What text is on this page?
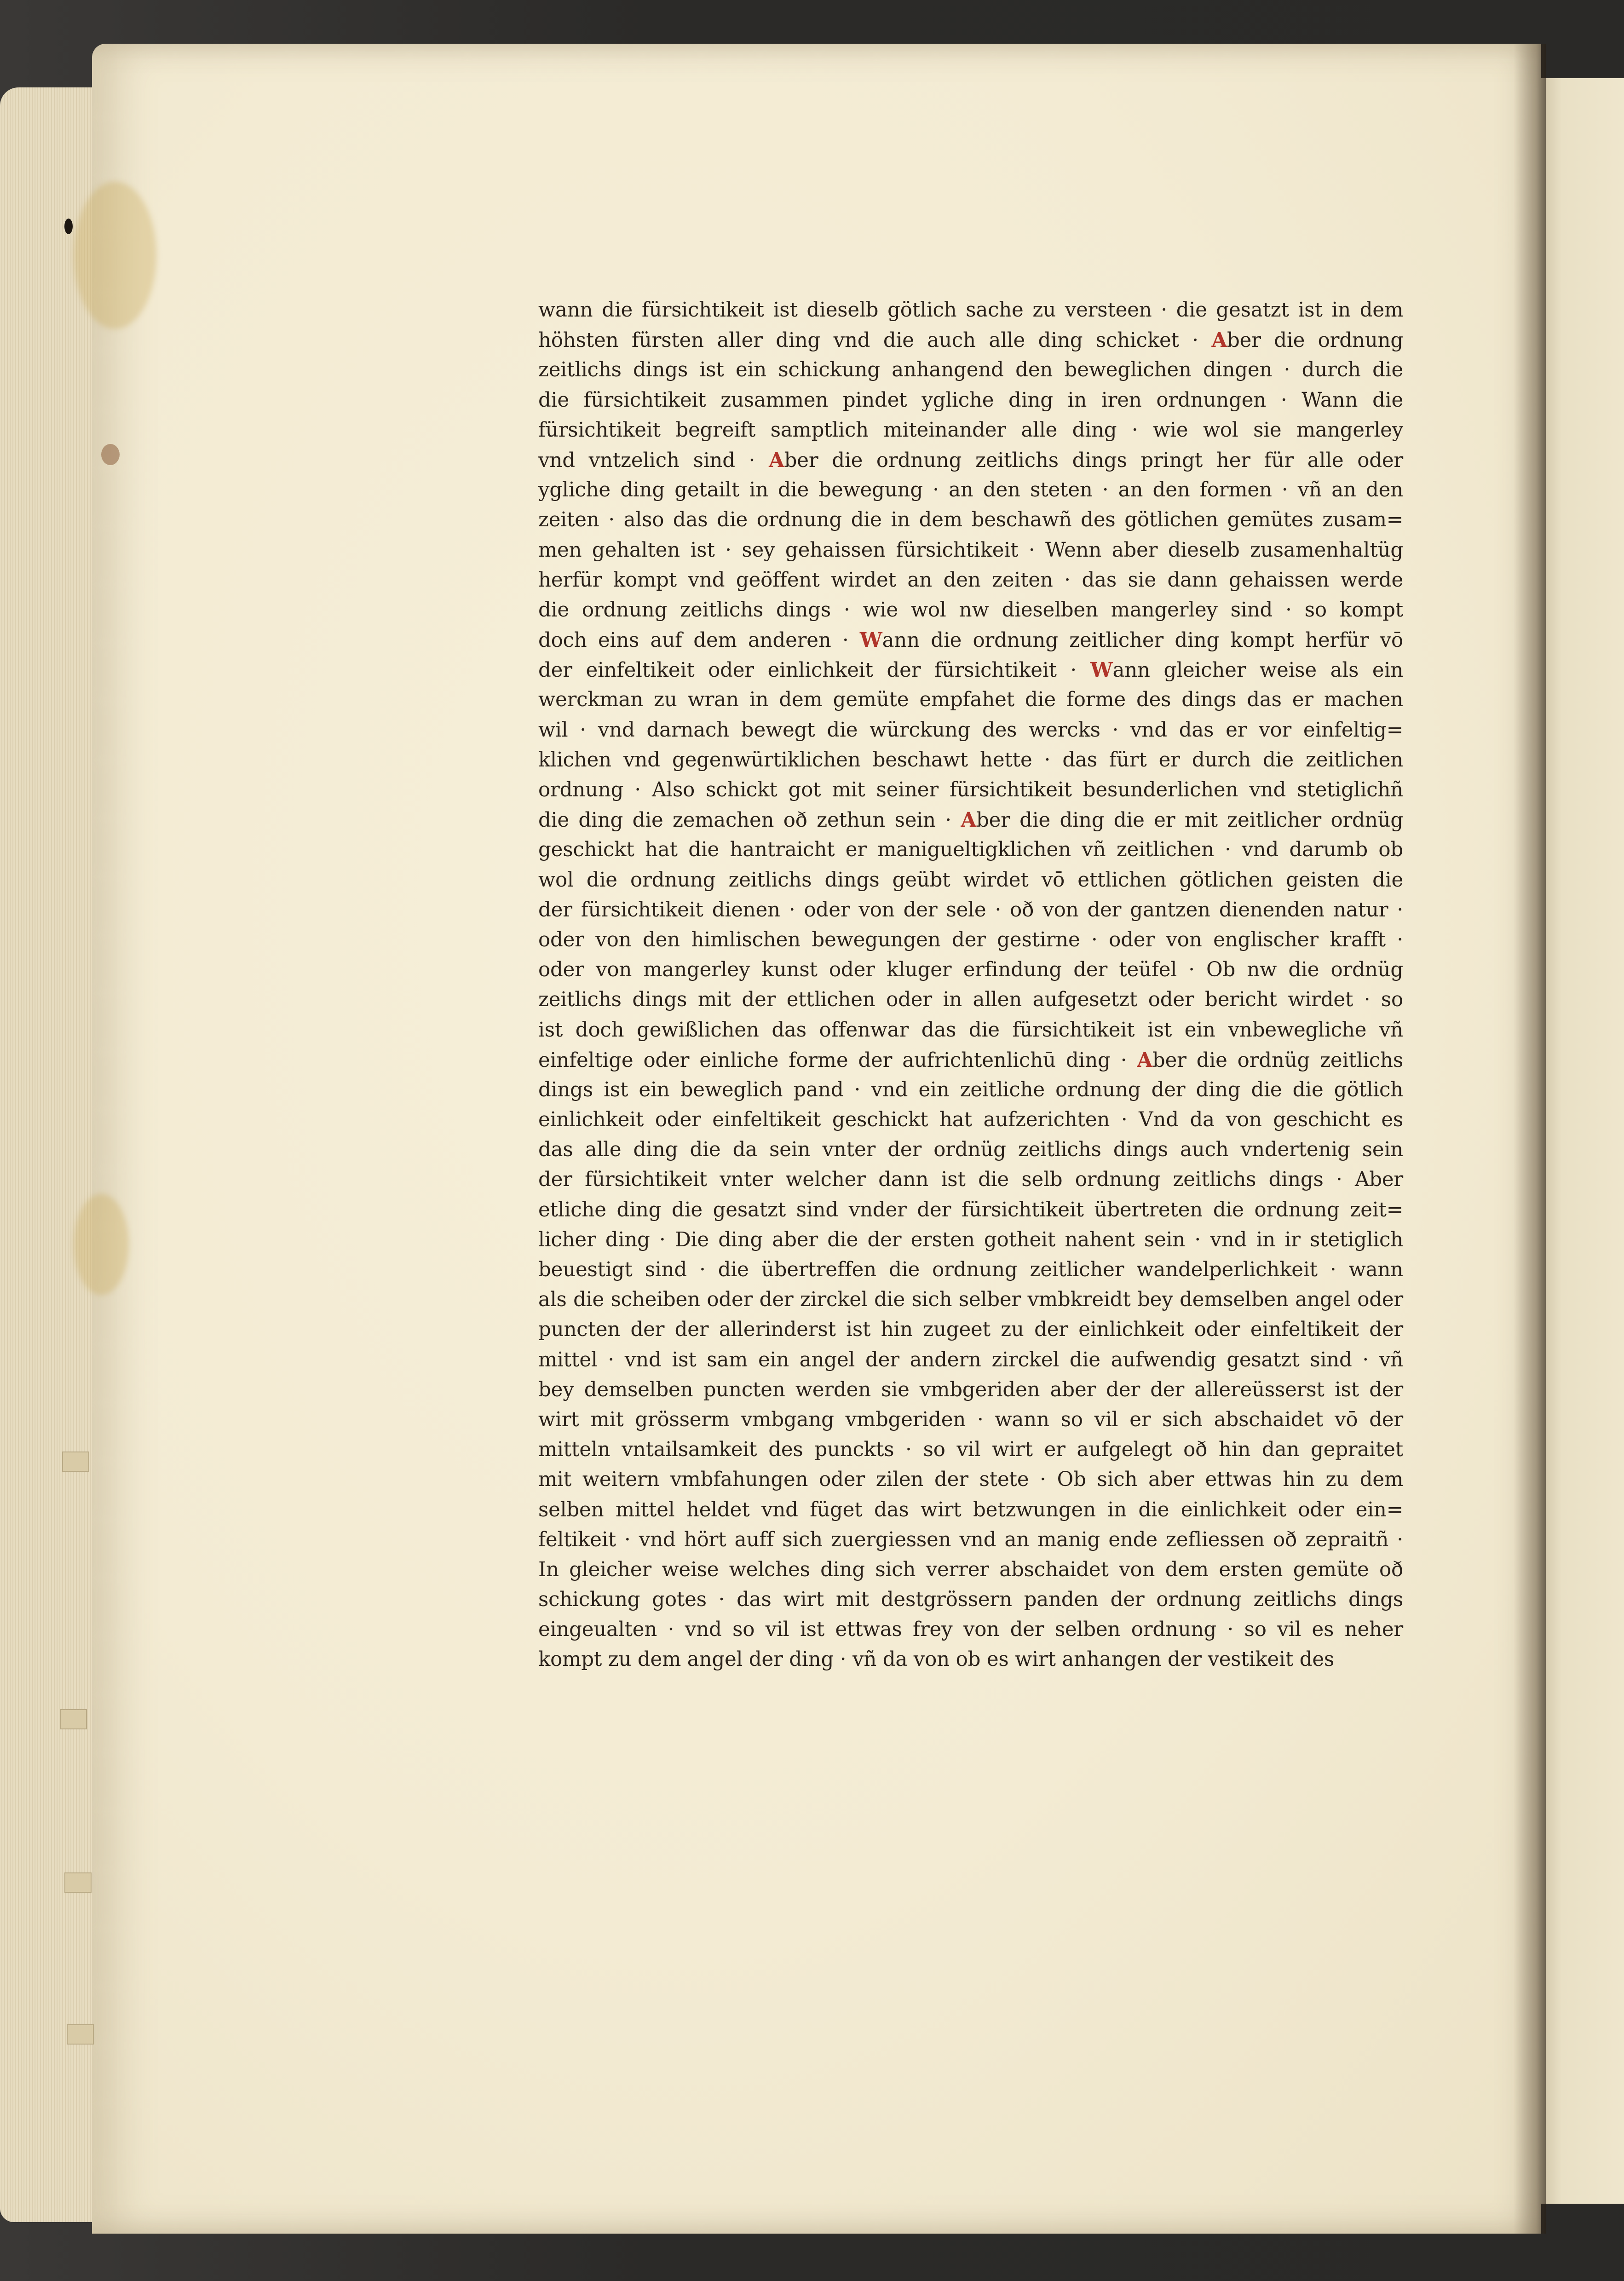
wann die fürsichtikeit ist dieselb götlich sache zu versteen · die gesatzt ist in dem
höhsten fürsten aller ding vnd die auch alle ding schicket · Aber die ordnung
zeitlichs dings ist ein schickung anhangend den beweglichen dingen · durch die
die fürsichtikeit zusammen pindet ygliche ding in iren ordnungen · Wann die
fürsichtikeit begreift samptlich miteinander alle ding · wie wol sie mangerley
vnd vntzelich sind · Aber die ordnung zeitlichs dings pringt her für alle oder
ygliche ding getailt in die bewegung · an den steten · an den formen · vñ an den
zeiten · also das die ordnung die in dem beschawñ des götlichen gemütes zusam=
men gehalten ist · sey gehaissen fürsichtikeit · Wenn aber dieselb zusamenhaltüg
herfür kompt vnd geöffent wirdet an den zeiten · das sie dann gehaissen werde
die ordnung zeitlichs dings · wie wol nw dieselben mangerley sind · so kompt
doch eins auf dem anderen · Wann die ordnung zeitlicher ding kompt herfür vō
der einfeltikeit oder einlichkeit der fürsichtikeit · Wann gleicher weise als ein
werckman zu wran in dem gemüte empfahet die forme des dings das er machen
wil · vnd darnach bewegt die würckung des wercks · vnd das er vor einfeltig=
klichen vnd gegenwürtiklichen beschawt hette · das fürt er durch die zeitlichen
ordnung · Also schickt got mit seiner fürsichtikeit besunderlichen vnd stetiglichñ
die ding die zemachen oð zethun sein · Aber die ding die er mit zeitlicher ordnüg
geschickt hat die hantraicht er manigueltigklichen vñ zeitlichen · vnd darumb ob
wol die ordnung zeitlichs dings geübt wirdet vō ettlichen götlichen geisten die
der fürsichtikeit dienen · oder von der sele · oð von der gantzen dienenden natur ·
oder von den himlischen bewegungen der gestirne · oder von englischer krafft ·
oder von mangerley kunst oder kluger erfindung der teüfel · Ob nw die ordnüg
zeitlichs dings mit der ettlichen oder in allen aufgesetzt oder bericht wirdet · so
ist doch gewißlichen das offenwar das die fürsichtikeit ist ein vnbewegliche vñ
einfeltige oder einliche forme der aufrichtenlichū ding · Aber die ordnüg zeitlichs
dings ist ein beweglich pand · vnd ein zeitliche ordnung der ding die die götlich
einlichkeit oder einfeltikeit geschickt hat aufzerichten · Vnd da von geschicht es
das alle ding die da sein vnter der ordnüg zeitlichs dings auch vndertenig sein
der fürsichtikeit vnter welcher dann ist die selb ordnung zeitlichs dings · Aber
etliche ding die gesatzt sind vnder der fürsichtikeit übertreten die ordnung zeit=
licher ding · Die ding aber die der ersten gotheit nahent sein · vnd in ir stetiglich
beuestigt sind · die übertreffen die ordnung zeitlicher wandelperlichkeit · wann
als die scheiben oder der zirckel die sich selber vmbkreidt bey demselben angel oder
puncten der der allerinderst ist hin zugeet zu der einlichkeit oder einfeltikeit der
mittel · vnd ist sam ein angel der andern zirckel die aufwendig gesatzt sind · vñ
bey demselben puncten werden sie vmbgeriden aber der der allereüsserst ist der
wirt mit grösserm vmbgang vmbgeriden · wann so vil er sich abschaidet vō der
mitteln vntailsamkeit des punckts · so vil wirt er aufgelegt oð hin dan gepraitet
mit weitern vmbfahungen oder zilen der stete · Ob sich aber ettwas hin zu dem
selben mittel heldet vnd füget das wirt betzwungen in die einlichkeit oder ein=
feltikeit · vnd hört auff sich zuergiessen vnd an manig ende zefliessen oð zepraitñ ·
In gleicher weise welches ding sich verrer abschaidet von dem ersten gemüte oð
schickung gotes · das wirt mit destgrössern panden der ordnung zeitlichs dings
eingeualten · vnd so vil ist ettwas frey von der selben ordnung · so vil es neher
kompt zu dem angel der ding · vñ da von ob es wirt anhangen der vestikeit des
